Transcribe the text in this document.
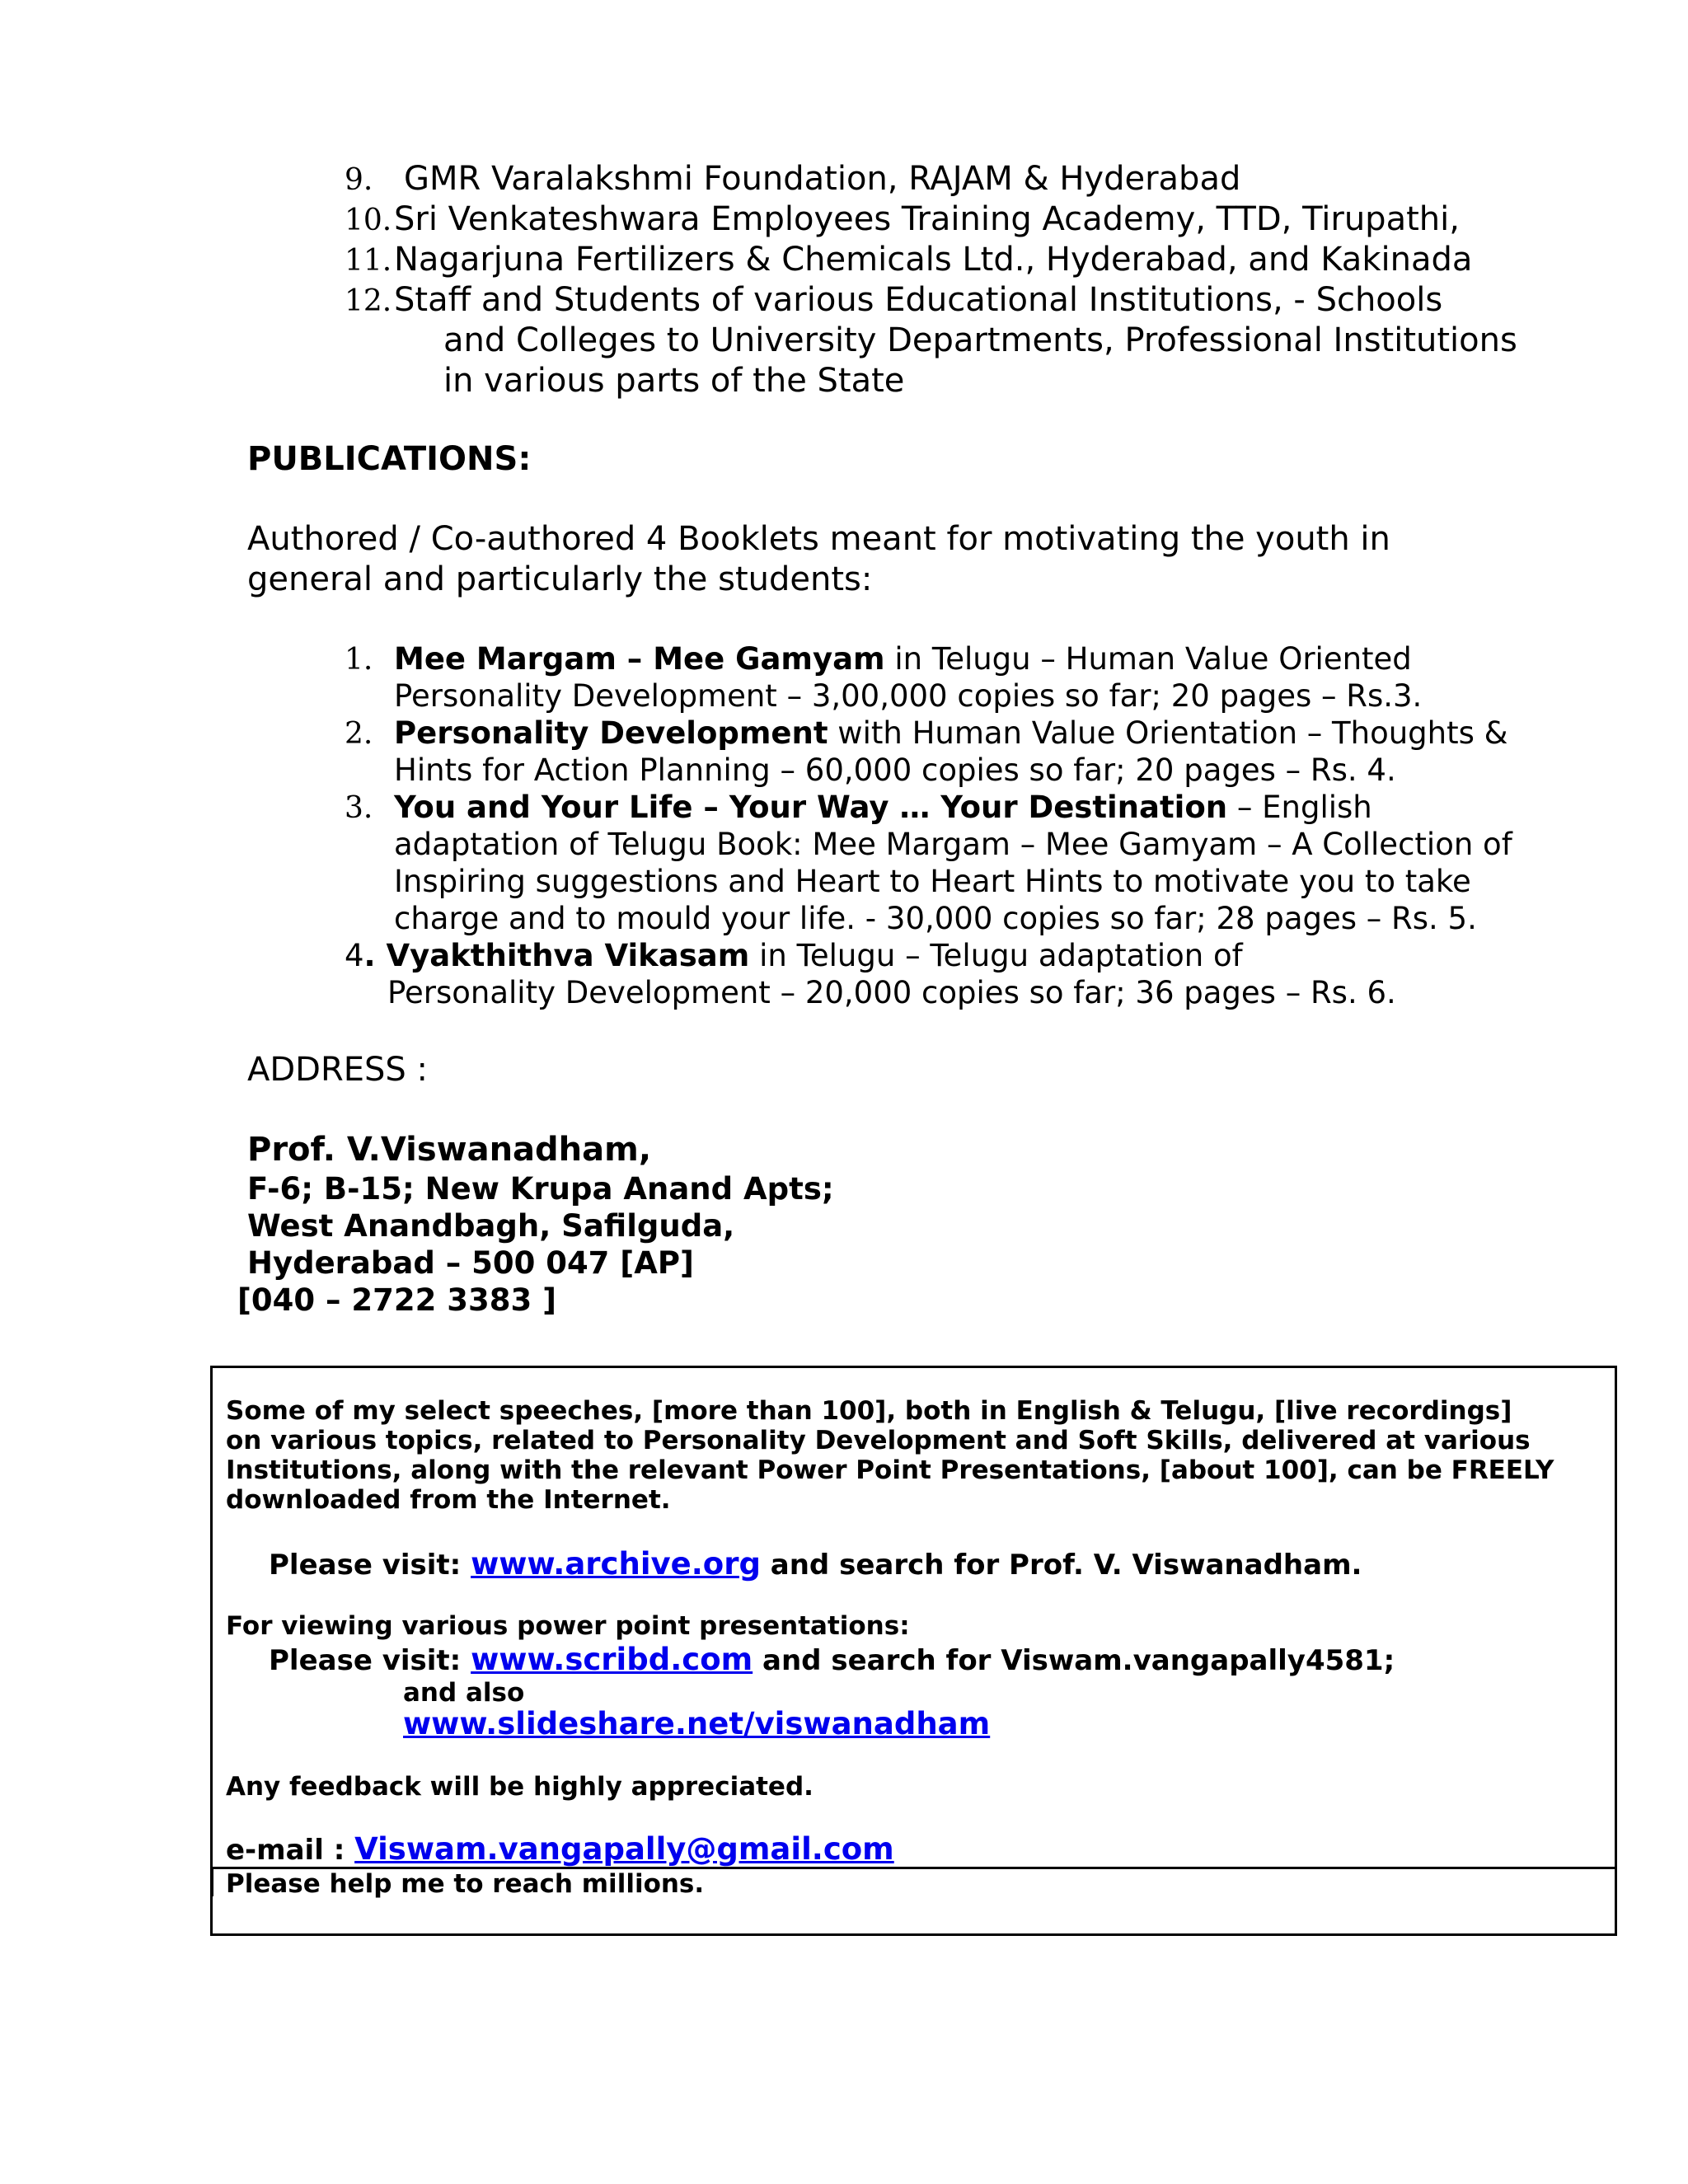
9. GMR Varalakshmi Foundation, RAJAM & Hyderabad
10.Sri Venkateshwara Employees Training Academy, TTD, Tirupathi,
11.Nagarjuna Fertilizers & Chemicals Ltd., Hyderabad, and Kakinada
12.Staff and Students of various Educational Institutions, - Schools
and Colleges to University Departments, Professional Institutions
in various parts of the State
PUBLICATIONS:
Authored / Co-authored 4 Booklets meant for motivating the youth in
general and particularly the students:
1. Mee Margam – Mee Gamyam in Telugu – Human Value Oriented
Personality Development – 3,00,000 copies so far; 20 pages – Rs.3.
2. Personality Development with Human Value Orientation – Thoughts &
Hints for Action Planning – 60,000 copies so far; 20 pages – Rs. 4.
3. You and Your Life – Your Way … Your Destination – English
adaptation of Telugu Book: Mee Margam – Mee Gamyam – A Collection of
Inspiring suggestions and Heart to Heart Hints to motivate you to take
charge and to mould your life. - 30,000 copies so far; 28 pages – Rs. 5.
4. Vyakthithva Vikasam in Telugu – Telugu adaptation of
Personality Development – 20,000 copies so far; 36 pages – Rs. 6.
ADDRESS :
Prof. V.Viswanadham,
F-6; B-15; New Krupa Anand Apts;
West Anandbagh, Safilguda,
Hyderabad – 500 047 [AP]
[040 – 2722 3383 ]
Some of my select speeches, [more than 100], both in English & Telugu, [live recordings]
on various topics, related to Personality Development and Soft Skills, delivered at various
Institutions, along with the relevant Power Point Presentations, [about 100], can be FREELY
downloaded from the Internet.
Please visit: www.archive.org and search for Prof. V. Viswanadham.
For viewing various power point presentations:
Please visit: www.scribd.com and search for Viswam.vangapally4581;
and also
www.slideshare.net/viswanadham
Any feedback will be highly appreciated.
e-mail : Viswam.vangapally@gmail.com
Please help me to reach millions.
